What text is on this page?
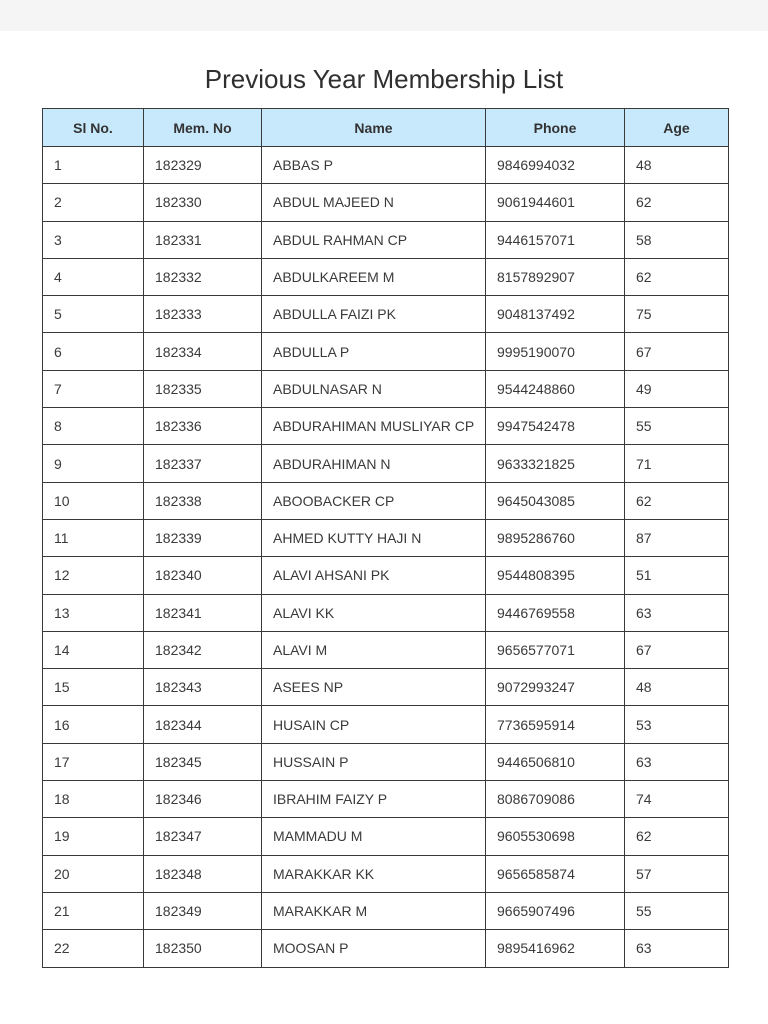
Previous Year Membership List
Sl No.	Mem. No	Name	Phone	Age
1	182329	ABBAS P	9846994032	48
2	182330	ABDUL MAJEED N	9061944601	62
3	182331	ABDUL RAHMAN CP	9446157071	58
4	182332	ABDULKAREEM M	8157892907	62
5	182333	ABDULLA FAIZI PK	9048137492	75
6	182334	ABDULLA P	9995190070	67
7	182335	ABDULNASAR N	9544248860	49
8	182336	ABDURAHIMAN MUSLIYAR CP	9947542478	55
9	182337	ABDURAHIMAN N	9633321825	71
10	182338	ABOOBACKER CP	9645043085	62
11	182339	AHMED KUTTY HAJI N	9895286760	87
12	182340	ALAVI AHSANI PK	9544808395	51
13	182341	ALAVI KK	9446769558	63
14	182342	ALAVI M	9656577071	67
15	182343	ASEES NP	9072993247	48
16	182344	HUSAIN CP	7736595914	53
17	182345	HUSSAIN P	9446506810	63
18	182346	IBRAHIM FAIZY P	8086709086	74
19	182347	MAMMADU M	9605530698	62
20	182348	MARAKKAR KK	9656585874	57
21	182349	MARAKKAR M	9665907496	55
22	182350	MOOSAN P	9895416962	63
